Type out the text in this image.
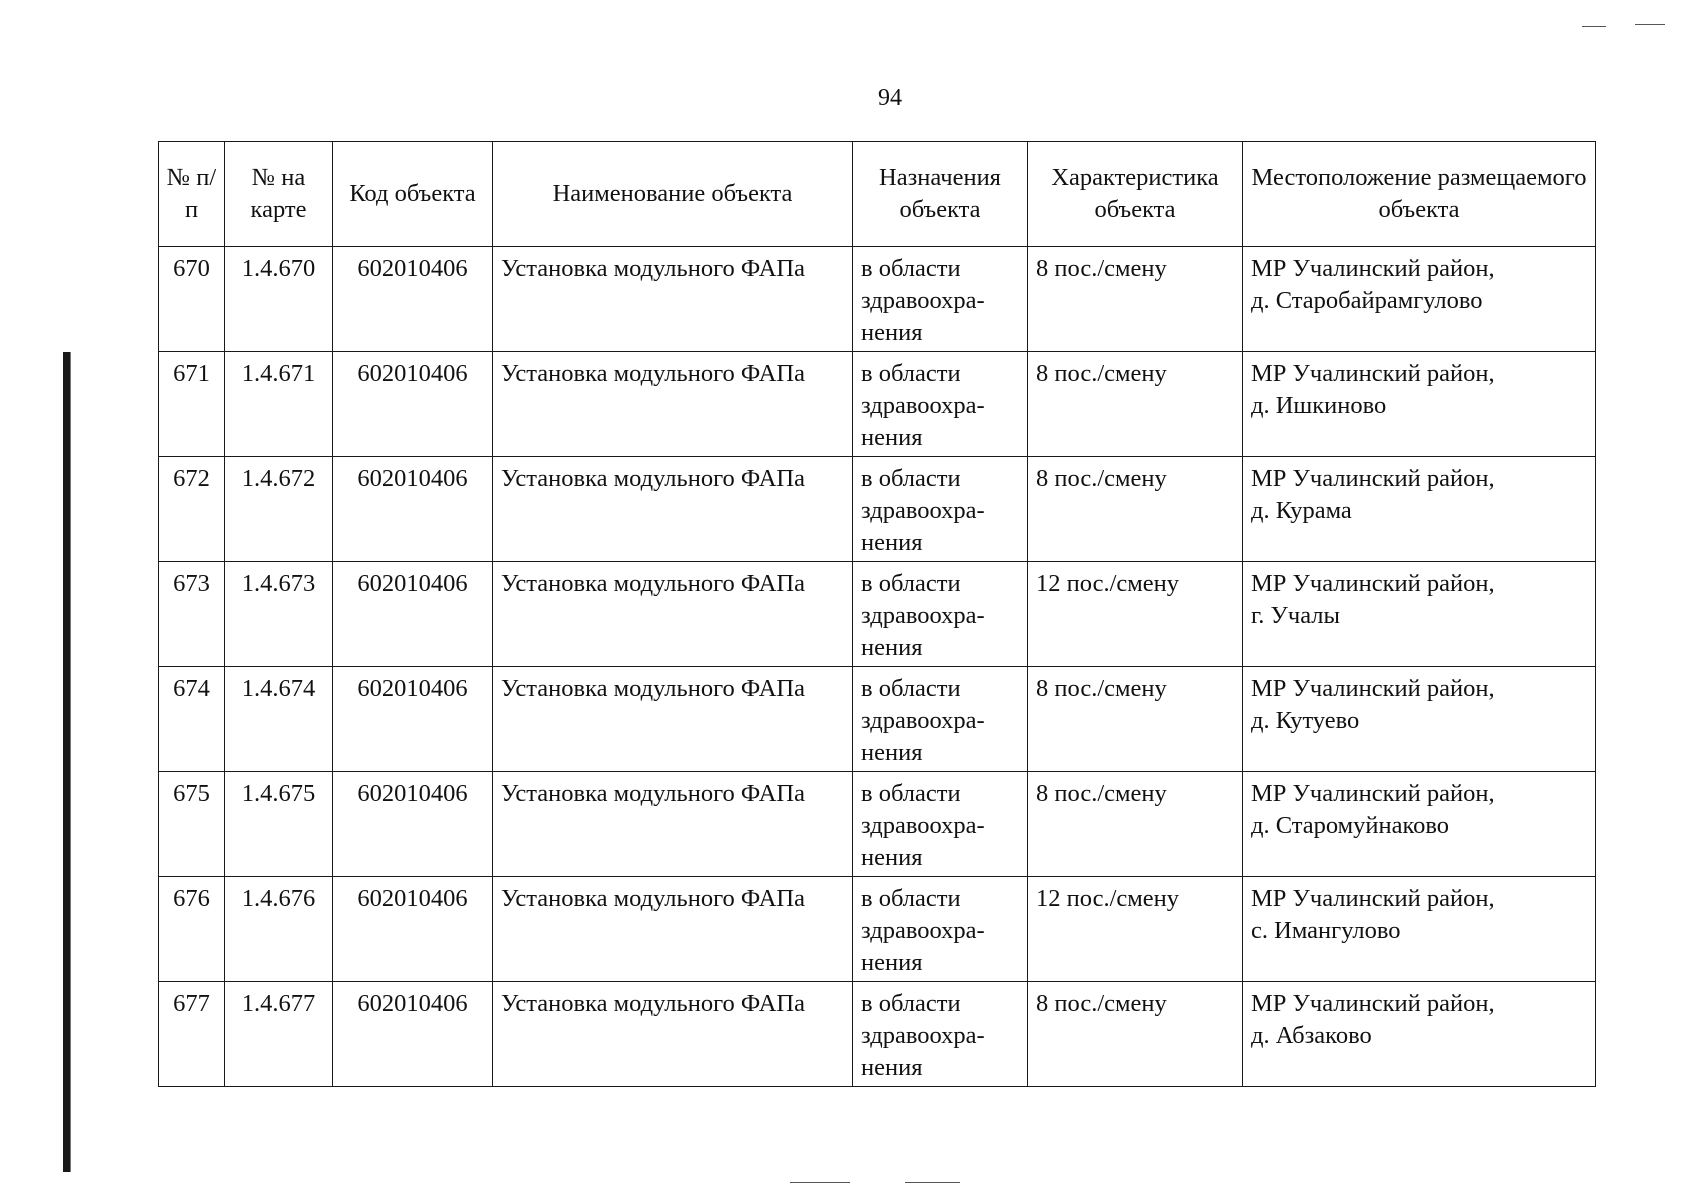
94
№ п/п	№ на карте	Код объекта	Наименование объекта	Назначения объекта	Характеристика объекта	Местоположение размещаемого объекта
670	1.4.670	602010406	Установка модульного ФАПа	в области здравоохра-нения	8 пос./смену	МР Учалинский район,
д. Старобайрамгулово

671	1.4.671	602010406	Установка модульного ФАПа	в области здравоохра-нения	8 пос./смену	МР Учалинский район,
д. Ишкиново

672	1.4.672	602010406	Установка модульного ФАПа	в области здравоохра-нения	8 пос./смену	МР Учалинский район,
д. Курама

673	1.4.673	602010406	Установка модульного ФАПа	в области здравоохра-нения	12 пос./смену	МР Учалинский район,
г. Учалы

674	1.4.674	602010406	Установка модульного ФАПа	в области здравоохра-нения	8 пос./смену	МР Учалинский район,
д. Кутуево

675	1.4.675	602010406	Установка модульного ФАПа	в области здравоохра-нения	8 пос./смену	МР Учалинский район,
д. Старомуйнаково

676	1.4.676	602010406	Установка модульного ФАПа	в области здравоохра-нения	12 пос./смену	МР Учалинский район,
с. Имангулово

677	1.4.677	602010406	Установка модульного ФАПа	в области здравоохра-нения	8 пос./смену	МР Учалинский район,
д. Абзаково
